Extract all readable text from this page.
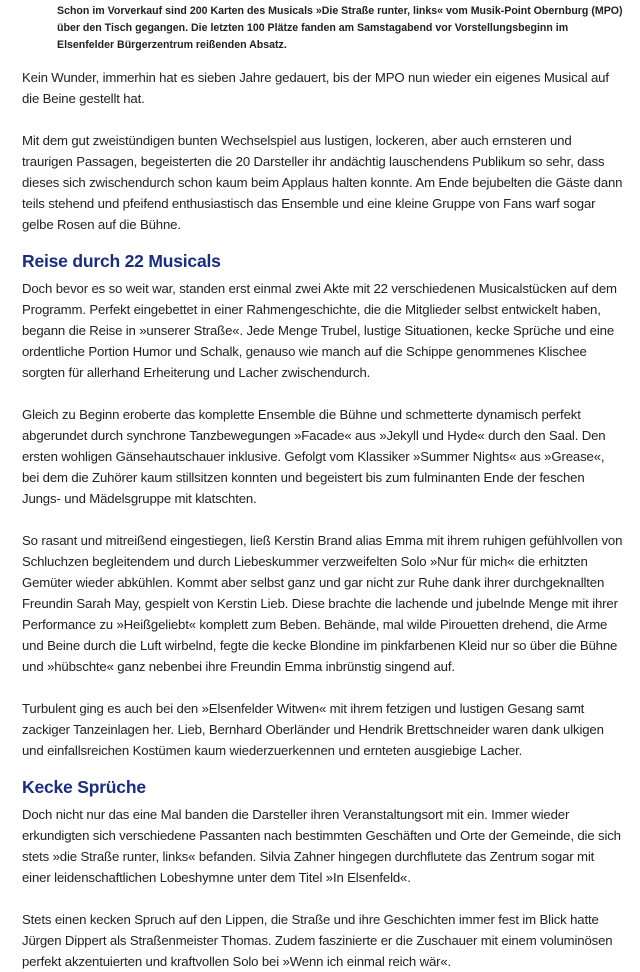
Schon im Vorverkauf sind 200 Karten des Musicals »Die Straße runter, links« vom Musik-Point Obernburg (MPO) über den Tisch gegangen. Die letzten 100 Plätze fanden am Samstagabend vor Vorstellungsbeginn im Elsenfelder Bürgerzentrum reißenden Absatz.

Kein Wunder, immerhin hat es sieben Jahre gedauert, bis der MPO nun wieder ein eigenes Musical auf die Beine gestellt hat.

Mit dem gut zweistündigen bunten Wechselspiel aus lustigen, lockeren, aber auch ernsteren und traurigen Passagen, begeisterten die 20 Darsteller ihr andächtig lauschendens Publikum so sehr, dass dieses sich zwischendurch schon kaum beim Applaus halten konnte. Am Ende bejubelten die Gäste dann teils stehend und pfeifend enthusiastisch das Ensemble und eine kleine Gruppe von Fans warf sogar gelbe Rosen auf die Bühne.

Reise durch 22 Musicals

Doch bevor es so weit war, standen erst einmal zwei Akte mit 22 verschiedenen Musicalstücken auf dem Programm. Perfekt eingebettet in einer Rahmengeschichte, die die Mitglieder selbst entwickelt haben, begann die Reise in »unserer Straße«. Jede Menge Trubel, lustige Situationen, kecke Sprüche und eine ordentliche Portion Humor und Schalk, genauso wie manch auf die Schippe genommenes Klischee sorgten für allerhand Erheiterung und Lacher zwischendurch.

Gleich zu Beginn eroberte das komplette Ensemble die Bühne und schmetterte dynamisch perfekt abgerundet durch synchrone Tanzbewegungen »Facade« aus »Jekyll und Hyde« durch den Saal. Den ersten wohligen Gänsehautschauer inklusive. Gefolgt vom Klassiker »Summer Nights« aus »Grease«, bei dem die Zuhörer kaum stillsitzen konnten und begeistert bis zum fulminanten Ende der feschen Jungs- und Mädelsgruppe mit klatschten.

So rasant und mitreißend eingestiegen, ließ Kerstin Brand alias Emma mit ihrem ruhigen gefühlvollen von Schluchzen begleitendem und durch Liebeskummer verzweifelten Solo »Nur für mich« die erhitzten Gemüter wieder abkühlen. Kommt aber selbst ganz und gar nicht zur Ruhe dank ihrer durchgeknallten Freundin Sarah May, gespielt von Kerstin Lieb. Diese brachte die lachende und jubelnde Menge mit ihrer Performance zu »Heißgeliebt« komplett zum Beben. Behände, mal wilde Pirouetten drehend, die Arme und Beine durch die Luft wirbelnd, fegte die kecke Blondine im pinkfarbenen Kleid nur so über die Bühne und »hübschte« ganz nebenbei ihre Freundin Emma inbrünstig singend auf.

Turbulent ging es auch bei den »Elsenfelder Witwen« mit ihrem fetzigen und lustigen Gesang samt zackiger Tanzeinlagen her. Lieb, Bernhard Oberländer und Hendrik Brettschneider waren dank ulkigen und einfallsreichen Kostümen kaum wiederzuerkennen und ernteten ausgiebige Lacher.

Kecke Sprüche

Doch nicht nur das eine Mal banden die Darsteller ihren Veranstaltungsort mit ein. Immer wieder erkundigten sich verschiedene Passanten nach bestimmten Geschäften und Orte der Gemeinde, die sich stets »die Straße runter, links« befanden. Silvia Zahner hingegen durchflutete das Zentrum sogar mit einer leidenschaftlichen Lobeshymne unter dem Titel »In Elsenfeld«.

Stets einen kecken Spruch auf den Lippen, die Straße und ihre Geschichten immer fest im Blick hatte Jürgen Dippert als Straßenmeister Thomas. Zudem faszinierte er die Zuschauer mit einem voluminösen perfekt akzentuierten und kraftvollen Solo bei »Wenn ich einmal reich wär«.
